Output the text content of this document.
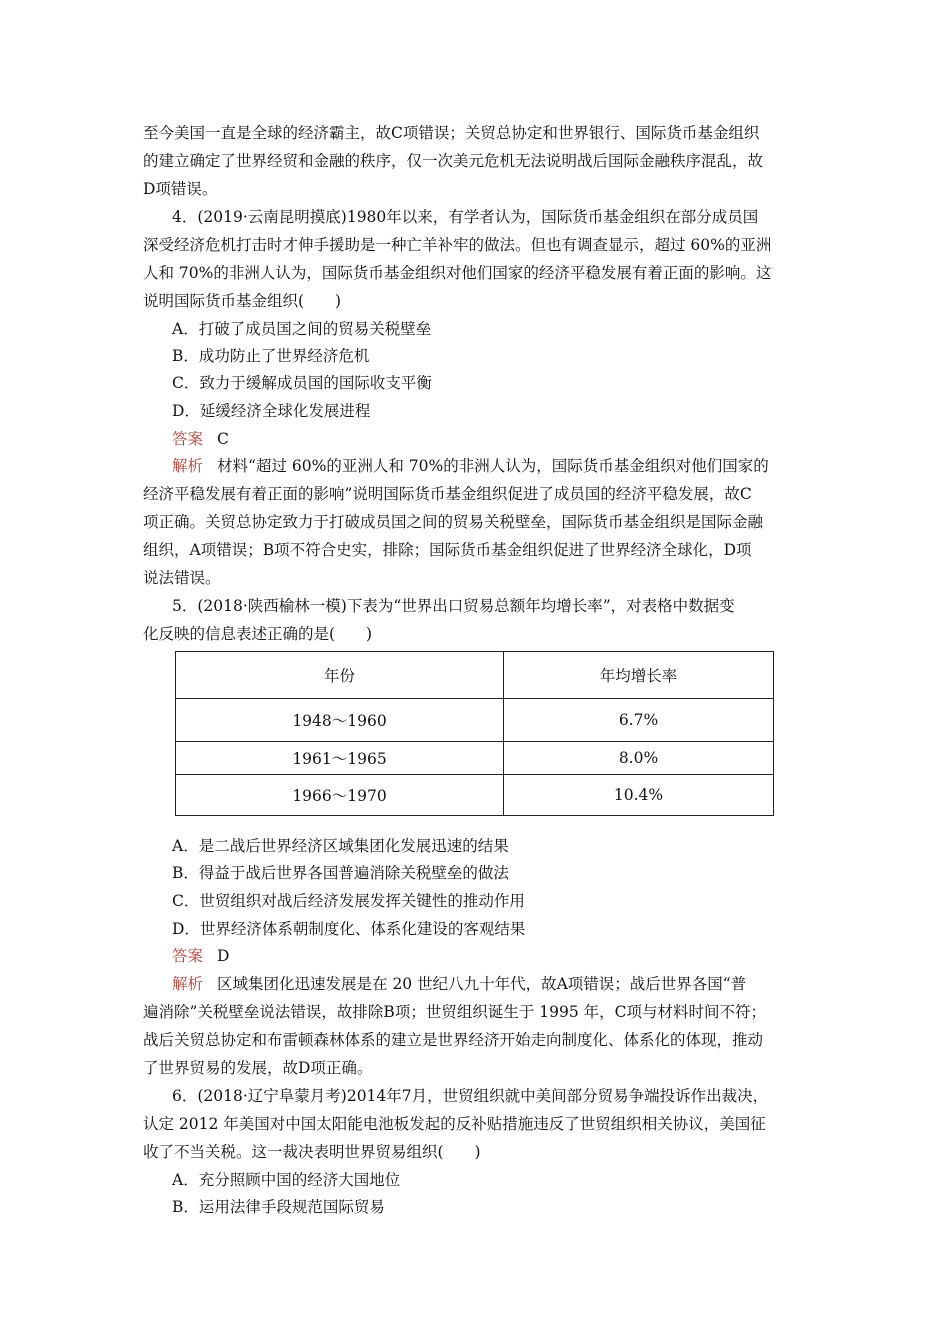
至今美国一直是全球的经济霸主，故C项错误；关贸总协定和世界银行、国际货币基金组织
的建立确定了世界经贸和金融的秩序，仅一次美元危机无法说明战后国际金融秩序混乱，故
D项错误。
4．(2019·云南昆明摸底)1980年以来，有学者认为，国际货币基金组织在部分成员国
深受经济危机打击时才伸手援助是一种亡羊补牢的做法。但也有调查显示，超过 60%的亚洲
人和 70%的非洲人认为，国际货币基金组织对他们国家的经济平稳发展有着正面的影响。这
说明国际货币基金组织(　　)
A．打破了成员国之间的贸易关税壁垒
B．成功防止了世界经济危机
C．致力于缓解成员国的国际收支平衡
D．延缓经济全球化发展进程
答案 C
解析 材料“超过 60%的亚洲人和 70%的非洲人认为，国际货币基金组织对他们国家的
经济平稳发展有着正面的影响”说明国际货币基金组织促进了成员国的经济平稳发展，故C
项正确。关贸总协定致力于打破成员国之间的贸易关税壁垒，国际货币基金组织是国际金融
组织，A项错误；B项不符合史实，排除；国际货币基金组织促进了世界经济全球化，D项
说法错误。
5．(2018·陕西榆林一模)下表为“世界出口贸易总额年均增长率”，对表格中数据变
化反映的信息表述正确的是(　　)
年份	年均增长率
1948～1960	6.7%
1961～1965	8.0%
1966～1970	10.4%
A．是二战后世界经济区域集团化发展迅速的结果
B．得益于战后世界各国普遍消除关税壁垒的做法
C．世贸组织对战后经济发展发挥关键性的推动作用
D．世界经济体系朝制度化、体系化建设的客观结果
答案 D
解析 区域集团化迅速发展是在 20 世纪八九十年代，故A项错误；战后世界各国“普
遍消除”关税壁垒说法错误，故排除B项；世贸组织诞生于 1995 年，C项与材料时间不符；
战后关贸总协定和布雷顿森林体系的建立是世界经济开始走向制度化、体系化的体现，推动
了世界贸易的发展，故D项正确。
6．(2018·辽宁阜蒙月考)2014年7月，世贸组织就中美间部分贸易争端投诉作出裁决，
认定 2012 年美国对中国太阳能电池板发起的反补贴措施违反了世贸组织相关协议，美国征
收了不当关税。这一裁决表明世界贸易组织(　　)
A．充分照顾中国的经济大国地位
B．运用法律手段规范国际贸易
